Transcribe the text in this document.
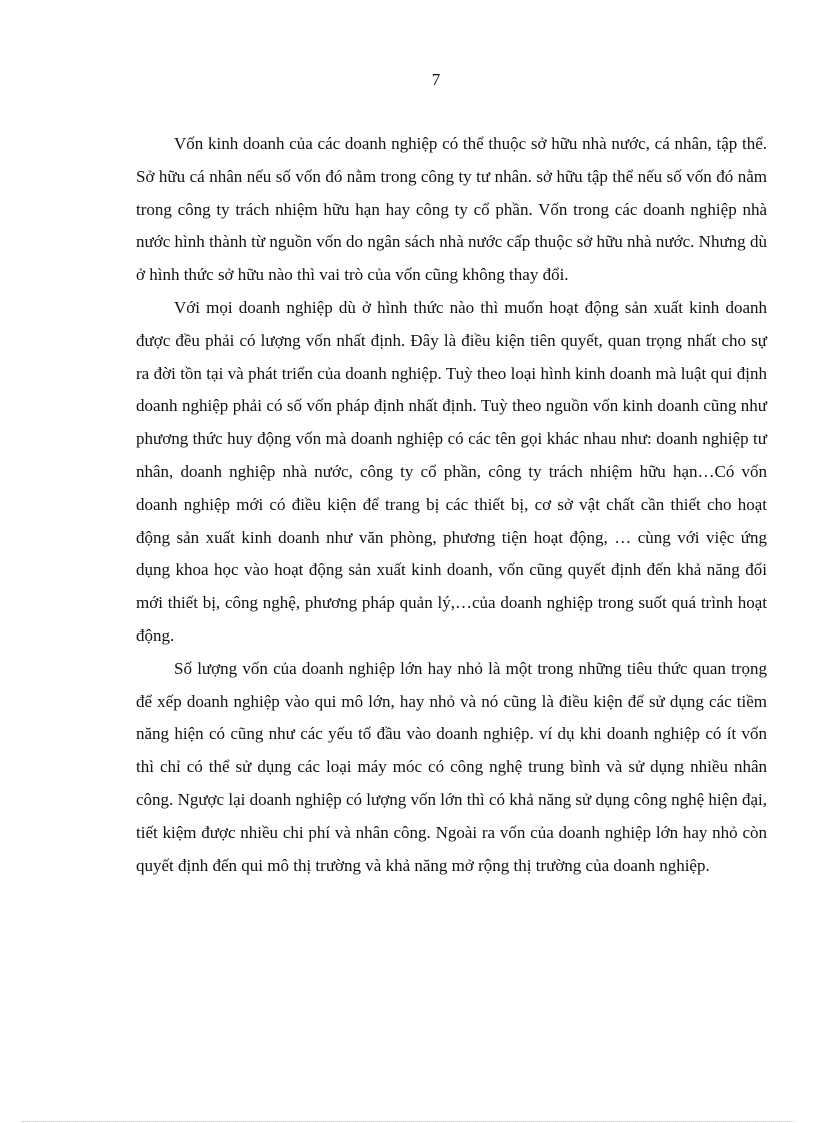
7

Vốn kinh doanh của các doanh nghiệp có thể thuộc sở hữu nhà nước, cá nhân, tập thể. Sở hữu cá nhân nếu số vốn đó nằm trong công ty tư nhân. sở hữu tập thể nếu số vốn đó nằm trong công ty trách nhiệm hữu hạn hay công ty cổ phần. Vốn trong các doanh nghiệp nhà nước hình thành từ nguồn vốn do ngân sách nhà nước cấp thuộc sở hữu nhà nước. Nhưng dù ở hình thức sở hữu nào thì vai trò của vốn cũng không thay đổi.

Với mọi doanh nghiệp dù ở hình thức nào thì muốn hoạt động sản xuất kinh doanh được đều phải có lượng vốn nhất định. Đây là điều kiện tiên quyết, quan trọng nhất cho sự ra đời tồn tại và phát triển của doanh nghiệp. Tuỳ theo loại hình kinh doanh mà luật qui định doanh nghiệp phải có số vốn pháp định nhất định. Tuỳ theo nguồn vốn kinh doanh cũng như phương thức huy động vốn mà doanh nghiệp có các tên gọi khác nhau như: doanh nghiệp tư nhân, doanh nghiệp nhà nước, công ty cổ phần, công ty trách nhiệm hữu hạn…Có vốn doanh nghiệp mới có điều kiện để trang bị các thiết bị, cơ sở vật chất cần thiết cho hoạt động sản xuất kinh doanh như văn phòng, phương tiện hoạt động, … cùng với việc ứng dụng khoa học vào hoạt động sản xuất kinh doanh, vốn cũng quyết định đến khả năng đổi mới thiết bị, công nghệ, phương pháp quản lý,…của doanh nghiệp trong suốt quá trình hoạt động.

Số lượng vốn của doanh nghiệp lớn hay nhỏ là một trong những tiêu thức quan trọng để xếp doanh nghiệp vào qui mô lớn, hay nhỏ và nó cũng là điều kiện để sử dụng các tiềm năng hiện có cũng như các yếu tố đầu vào doanh nghiệp. ví dụ khi doanh nghiệp có ít vốn thì chỉ có thể sử dụng các loại máy móc có công nghệ trung bình và sử dụng nhiều nhân công. Ngược lại doanh nghiệp có lượng vốn lớn thì có khả năng sử dụng công nghệ hiện đại, tiết kiệm được nhiều chi phí và nhân công. Ngoài ra vốn của doanh nghiệp lớn hay nhỏ còn quyết định đến qui mô thị trường và khả năng mở rộng thị trường của doanh nghiệp.
